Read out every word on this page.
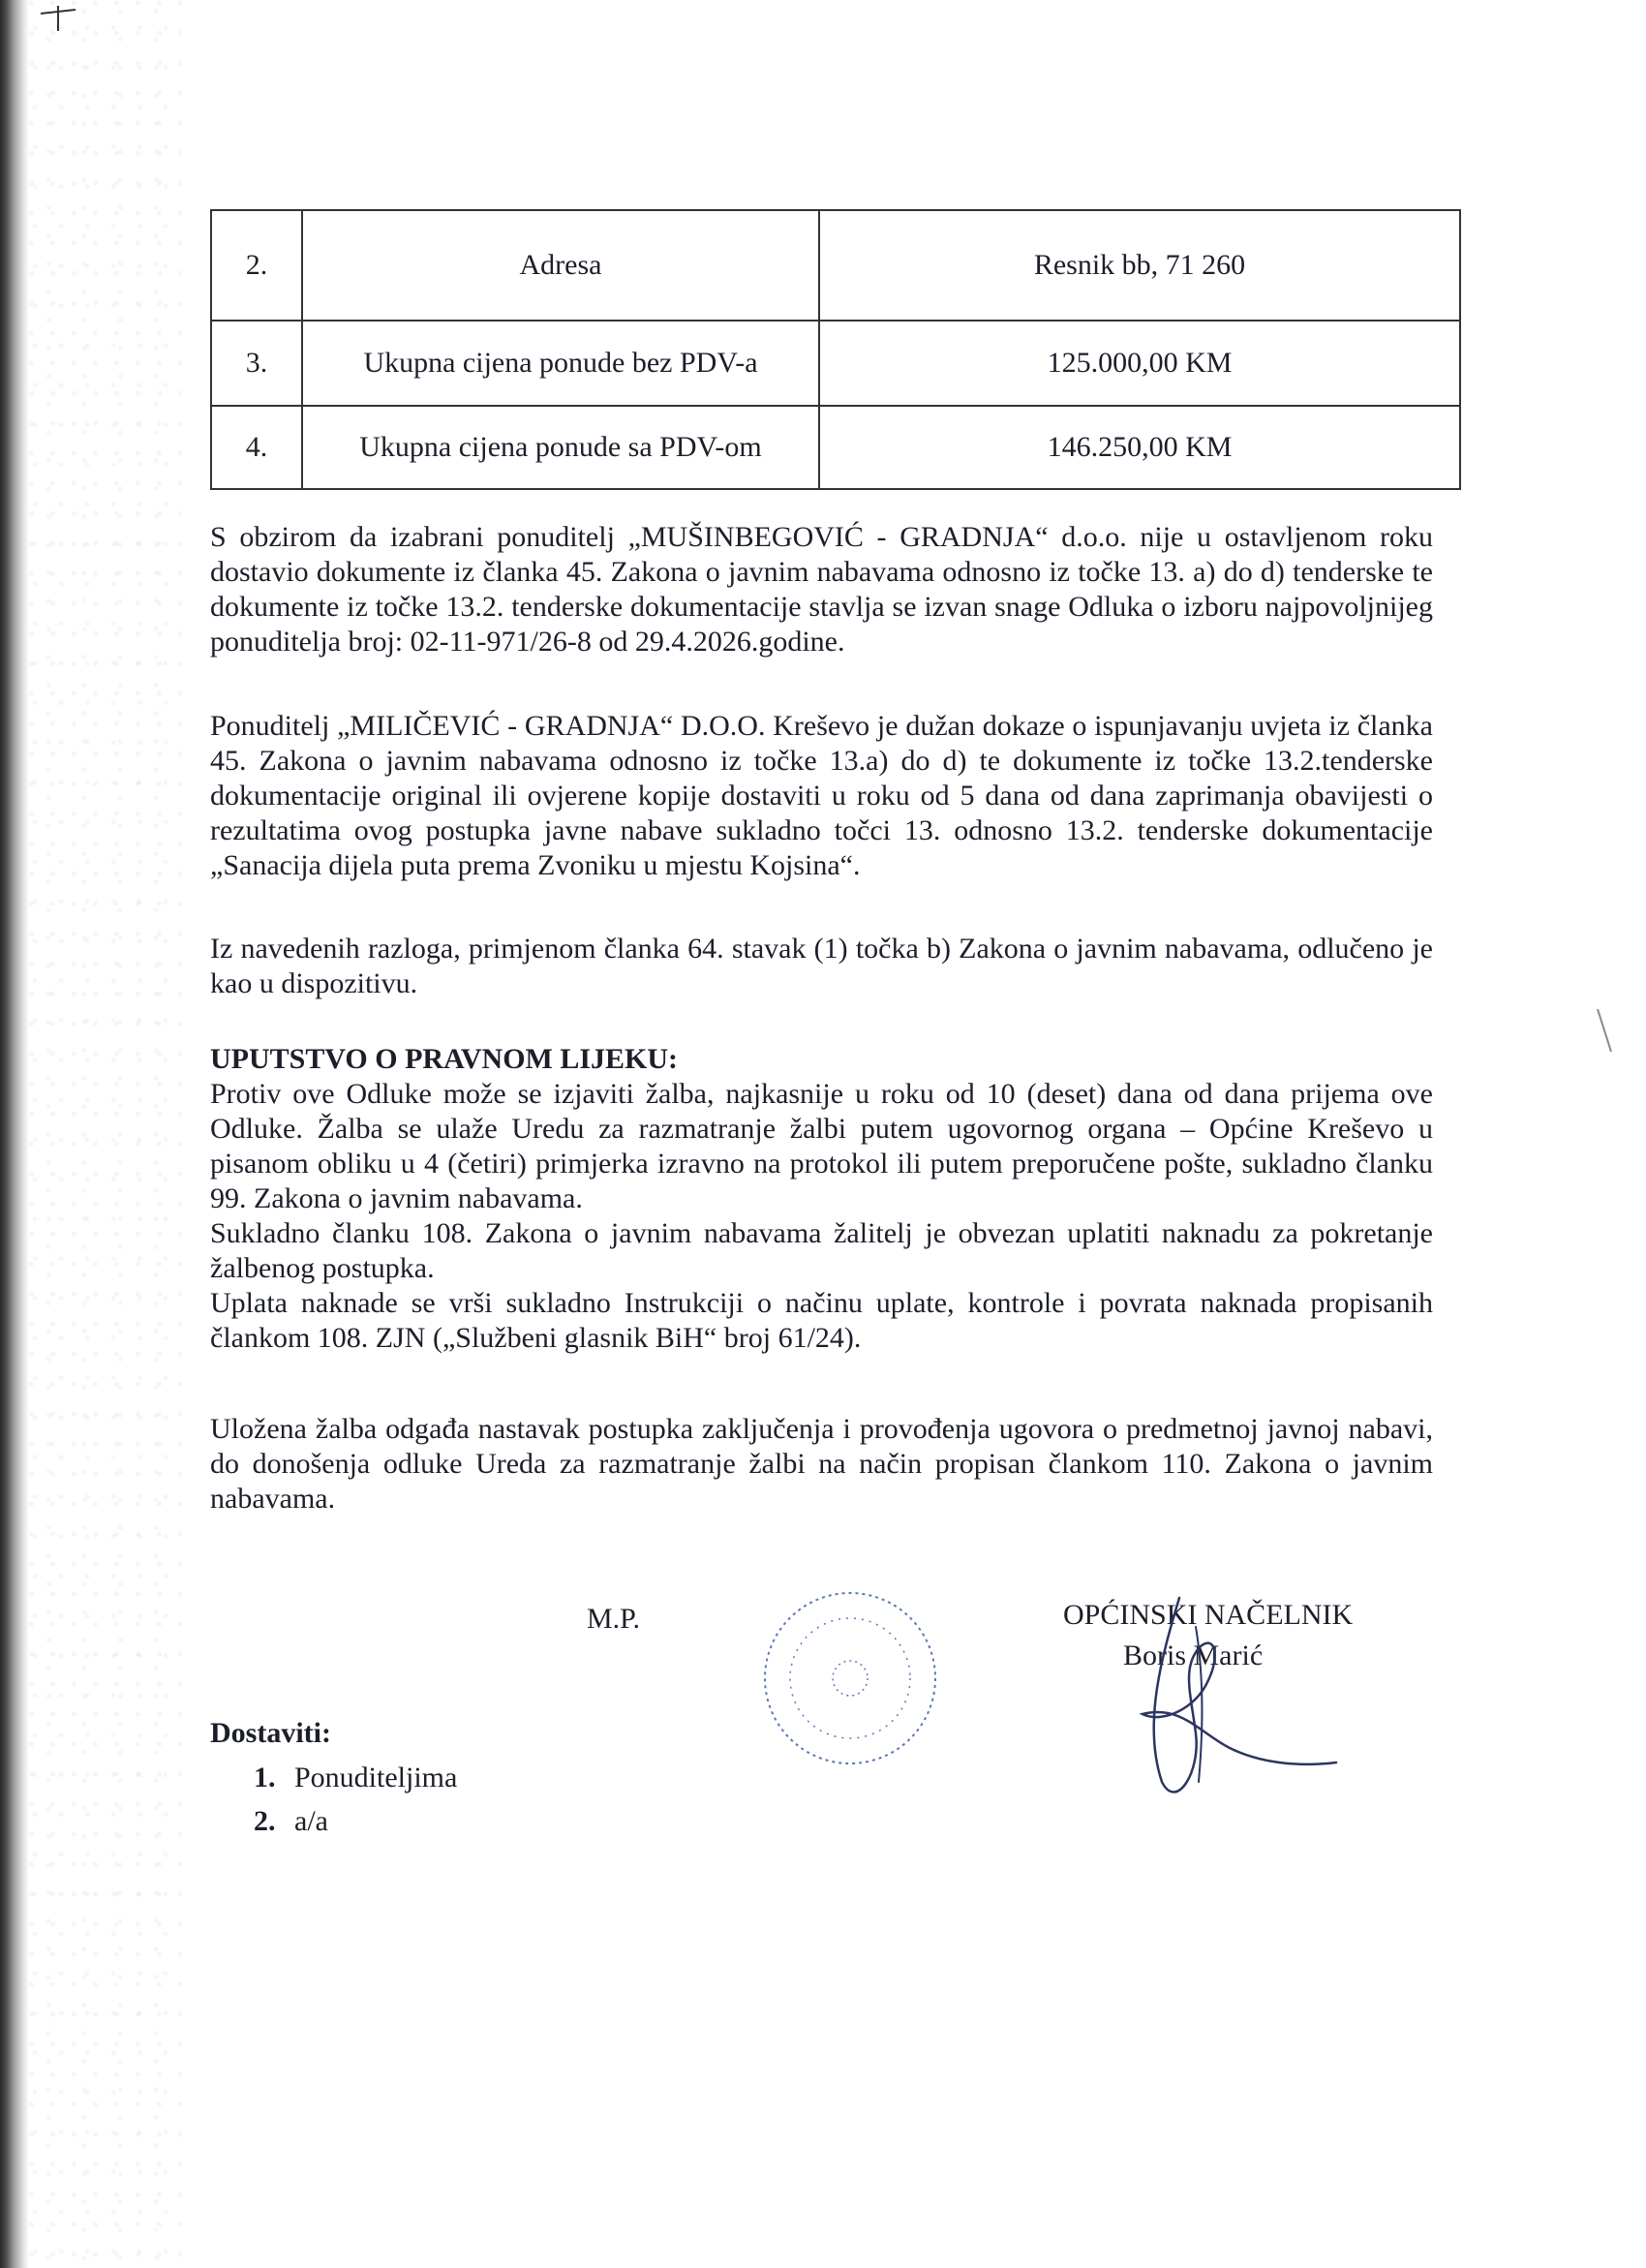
2.	Adresa	Resnik bb, 71 260
3.	Ukupna cijena ponude bez PDV-a	125.000,00 KM
4.	Ukupna cijena ponude sa PDV-om	146.250,00 KM

S obzirom da izabrani ponuditelj „MUŠINBEGOVIĆ - GRADNJA“ d.o.o. nije u ostavljenom roku dostavio dokumente iz članka 45. Zakona o javnim nabavama odnosno iz točke 13. a) do d) tenderske te dokumente iz točke 13.2. tenderske dokumentacije stavlja se izvan snage Odluka o izboru najpovoljnijeg ponuditelja broj: 02-11-971/26-8 od 29.4.2026.godine.

Ponuditelj „MILIČEVIĆ - GRADNJA“ D.O.O. Kreševo je dužan dokaze o ispunjavanju uvjeta iz članka 45. Zakona o javnim nabavama odnosno iz točke 13.a) do d) te dokumente iz točke 13.2.tenderske dokumentacije original ili ovjerene kopije dostaviti u roku od 5 dana od dana zaprimanja obavijesti o rezultatima ovog postupka javne nabave sukladno točci 13. odnosno 13.2. tenderske dokumentacije „Sanacija dijela puta prema Zvoniku u mjestu Kojsina“.

Iz navedenih razloga, primjenom članka 64. stavak (1) točka b) Zakona o javnim nabavama, odlučeno je kao u dispozitivu.

UPUTSTVO O PRAVNOM LIJEKU:

Protiv ove Odluke može se izjaviti žalba, najkasnije u roku od 10 (deset) dana od dana prijema ove Odluke. Žalba se ulaže Uredu za razmatranje žalbi putem ugovornog organa – Općine Kreševo u pisanom obliku u 4 (četiri) primjerka izravno na protokol ili putem preporučene pošte, sukladno članku 99. Zakona o javnim nabavama.

Sukladno članku 108. Zakona o javnim nabavama žalitelj je obvezan uplatiti naknadu za pokretanje žalbenog postupka.

Uplata naknade se vrši sukladno Instrukciji o načinu uplate, kontrole i povrata naknada propisanih člankom 108. ZJN („Službeni glasnik BiH“ broj 61/24).

Uložena žalba odgađa nastavak postupka zaključenja i provođenja ugovora o predmetnoj javnoj nabavi, do donošenja odluke Ureda za razmatranje žalbi na način propisan člankom 110. Zakona o javnim nabavama.

M.P.	OPĆINSKI NAČELNIK
Boris Marić
Dostaviti:
1. Ponuditeljima
2. a/a
